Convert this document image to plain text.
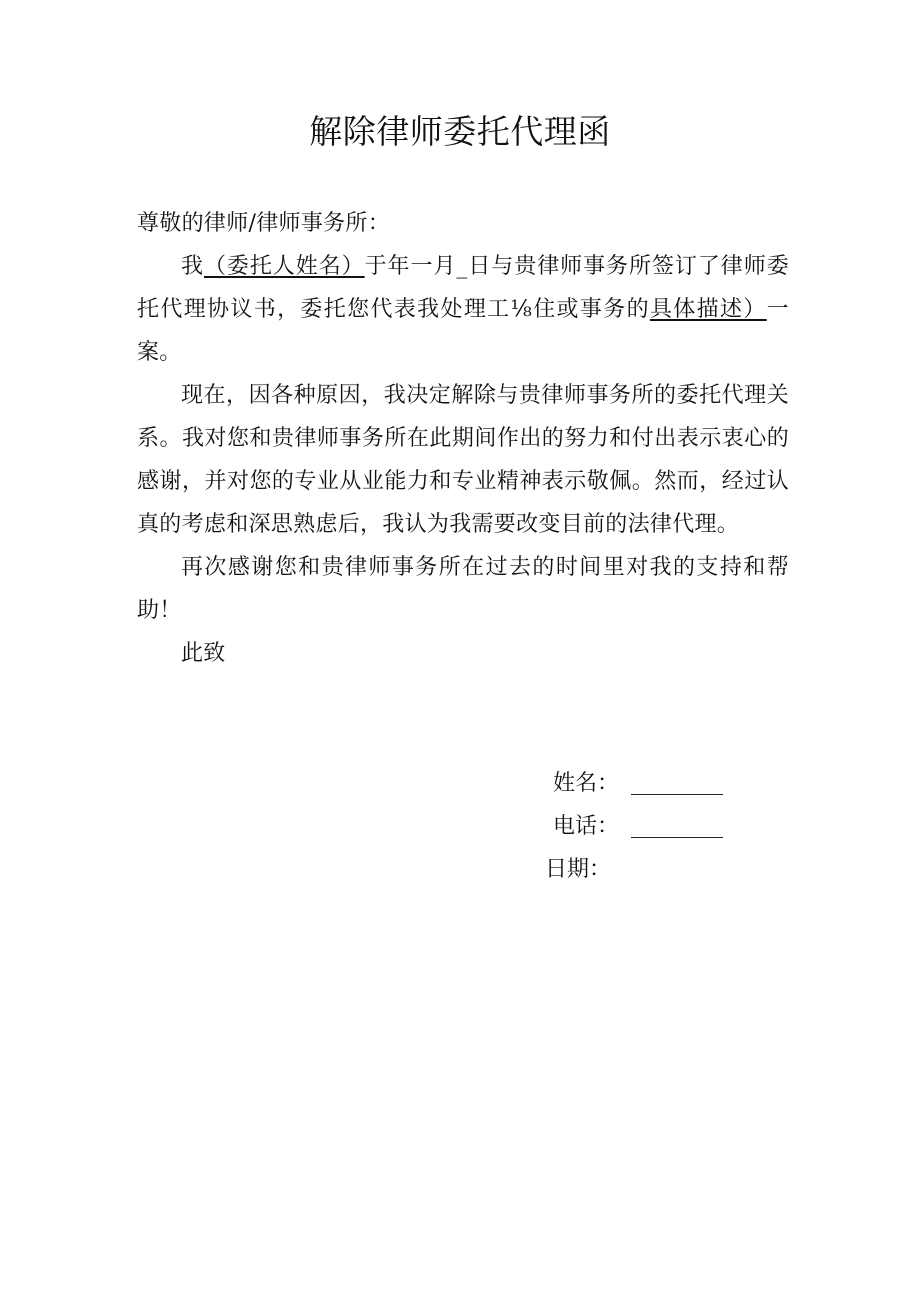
解除律师委托代理函

尊敬的律师/律师事务所：

我（委托人姓名）于年一月_日与贵律师事务所签订了律师委托代理协议书，委托您代表我处理工⅛住或事务的具体描述）一案。

现在，因各种原因，我决定解除与贵律师事务所的委托代理关系。我对您和贵律师事务所在此期间作出的努力和付出表示衷心的感谢，并对您的专业从业能力和专业精神表示敬佩。然而，经过认真的考虑和深思熟虑后，我认为我需要改变目前的法律代理。

再次感谢您和贵律师事务所在过去的时间里对我的支持和帮助！

此致

姓名：
电话：
日期：
